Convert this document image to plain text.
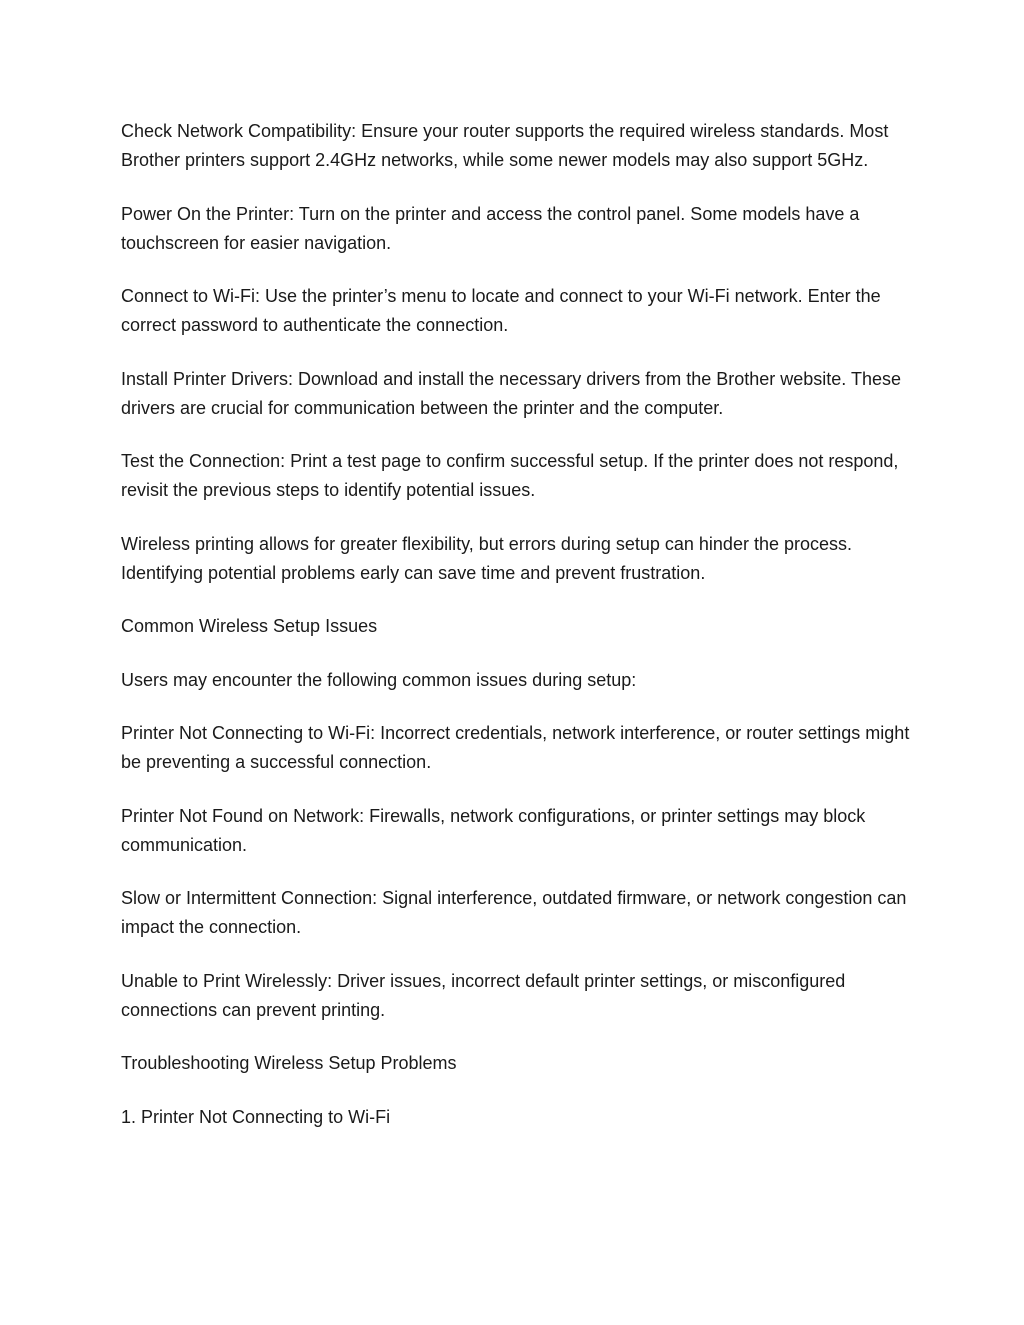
Check Network Compatibility: Ensure your router supports the required wireless standards. Most Brother printers support 2.4GHz networks, while some newer models may also support 5GHz.

Power On the Printer: Turn on the printer and access the control panel. Some models have a touchscreen for easier navigation.

Connect to Wi-Fi: Use the printer’s menu to locate and connect to your Wi-Fi network. Enter the correct password to authenticate the connection.

Install Printer Drivers: Download and install the necessary drivers from the Brother website. These drivers are crucial for communication between the printer and the computer.

Test the Connection: Print a test page to confirm successful setup. If the printer does not respond, revisit the previous steps to identify potential issues.

Wireless printing allows for greater flexibility, but errors during setup can hinder the process. Identifying potential problems early can save time and prevent frustration.

Common Wireless Setup Issues

Users may encounter the following common issues during setup:

Printer Not Connecting to Wi-Fi: Incorrect credentials, network interference, or router settings might be preventing a successful connection.

Printer Not Found on Network: Firewalls, network configurations, or printer settings may block communication.

Slow or Intermittent Connection: Signal interference, outdated firmware, or network congestion can impact the connection.

Unable to Print Wirelessly: Driver issues, incorrect default printer settings, or misconfigured connections can prevent printing.

Troubleshooting Wireless Setup Problems

1. Printer Not Connecting to Wi-Fi
